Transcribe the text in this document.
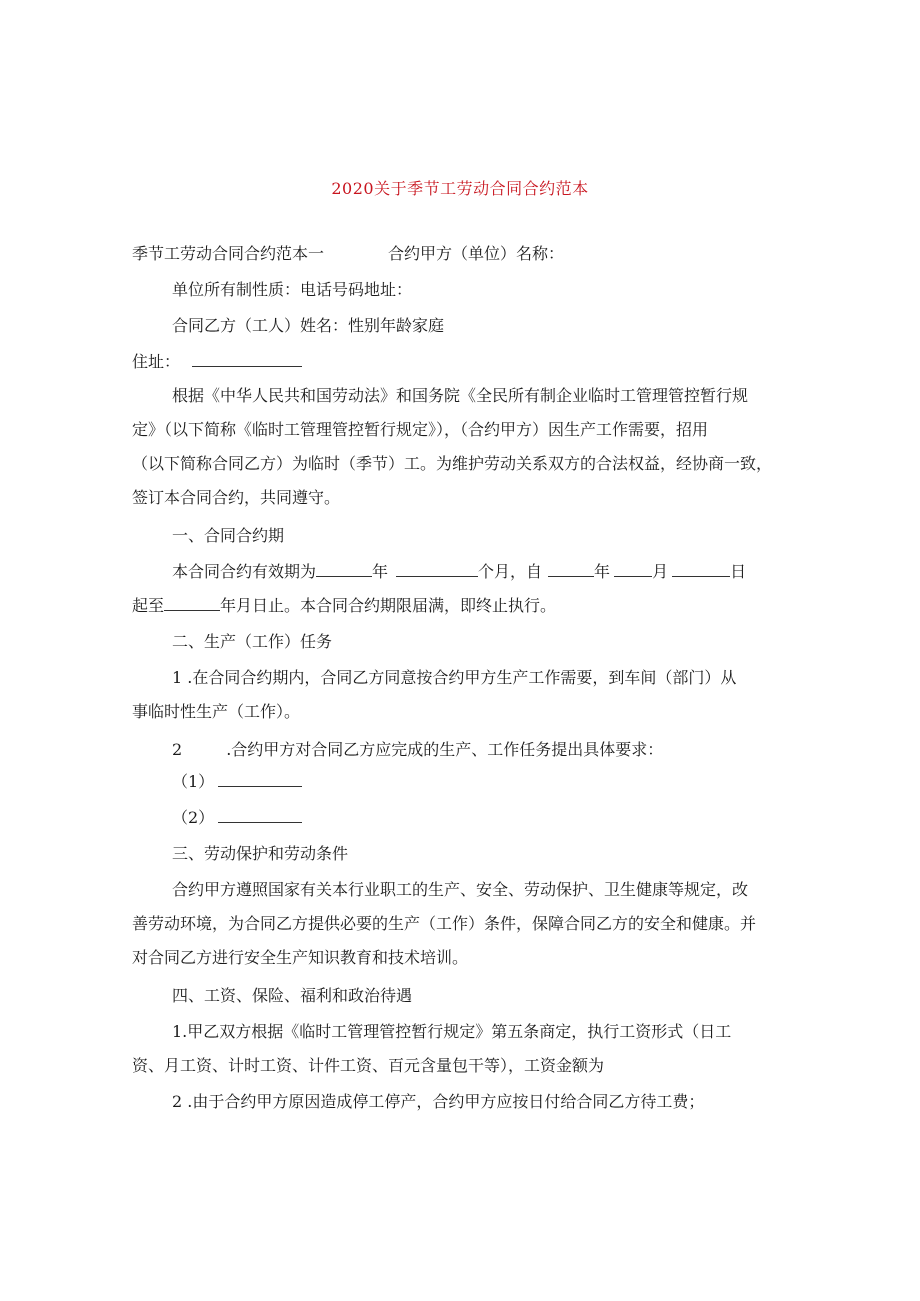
2020关于季节工劳动合同合约范本
季节工劳动合同合约范本一	合约甲方（单位）名称：
单位所有制性质：电话号码地址：
合同乙方（工人）姓名：性别年龄家庭
住址：
根据《中华人民共和国劳动法》和国务院《全民所有制企业临时工管理管控暂行规
定》（以下简称《临时工管理管控暂行规定》），（合约甲方）因生产工作需要，招用
（以下简称合同乙方）为临时（季节）工。为维护劳动关系双方的合法权益，经协商一致，
签订本合同合约，共同遵守。
一、合同合约期
本合同合约有效期为	年	个月，自	年	月	日
起至	年月日止。本合同合约期限届满，即终止执行。
二、生产（工作）任务
1 .在合同合约期内，合同乙方同意按合约甲方生产工作需要，到车间（部门）从
事临时性生产（工作）。
2	.合约甲方对合同乙方应完成的生产、工作任务提出具体要求：
（1）
（2）
三、劳动保护和劳动条件
合约甲方遵照国家有关本行业职工的生产、安全、劳动保护、卫生健康等规定，改
善劳动环境，为合同乙方提供必要的生产（工作）条件，保障合同乙方的安全和健康。并
对合同乙方进行安全生产知识教育和技术培训。
四、工资、保险、福利和政治待遇
1.甲乙双方根据《临时工管理管控暂行规定》第五条商定，执行工资形式（日工
资、月工资、计时工资、计件工资、百元含量包干等），工资金额为
2 .由于合约甲方原因造成停工停产，合约甲方应按日付给合同乙方待工费；
